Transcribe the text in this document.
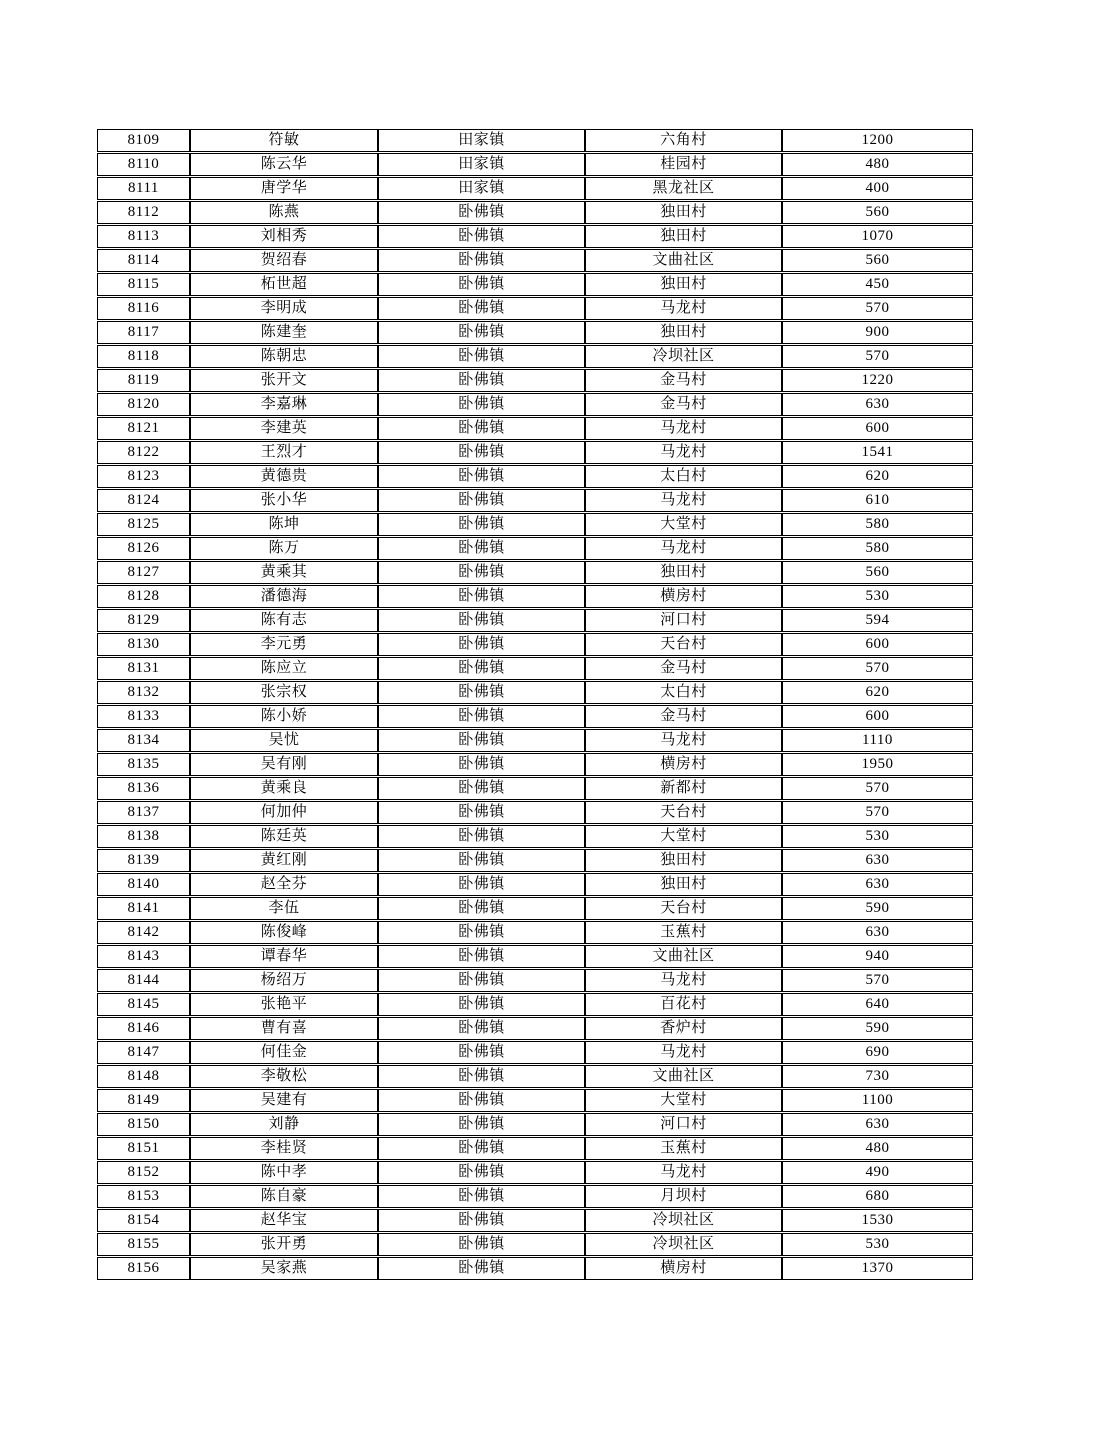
8109	符敏	田家镇	六角村	1200
8110	陈云华	田家镇	桂园村	480
8111	唐学华	田家镇	黑龙社区	400
8112	陈燕	卧佛镇	独田村	560
8113	刘相秀	卧佛镇	独田村	1070
8114	贺绍春	卧佛镇	文曲社区	560
8115	柘世超	卧佛镇	独田村	450
8116	李明成	卧佛镇	马龙村	570
8117	陈建奎	卧佛镇	独田村	900
8118	陈朝忠	卧佛镇	冷坝社区	570
8119	张开文	卧佛镇	金马村	1220
8120	李嘉琳	卧佛镇	金马村	630
8121	李建英	卧佛镇	马龙村	600
8122	王烈才	卧佛镇	马龙村	1541
8123	黄德贵	卧佛镇	太白村	620
8124	张小华	卧佛镇	马龙村	610
8125	陈坤	卧佛镇	大堂村	580
8126	陈万	卧佛镇	马龙村	580
8127	黄乘其	卧佛镇	独田村	560
8128	潘德海	卧佛镇	横房村	530
8129	陈有志	卧佛镇	河口村	594
8130	李元勇	卧佛镇	天台村	600
8131	陈应立	卧佛镇	金马村	570
8132	张宗权	卧佛镇	太白村	620
8133	陈小娇	卧佛镇	金马村	600
8134	吴忧	卧佛镇	马龙村	1110
8135	吴有刚	卧佛镇	横房村	1950
8136	黄乘良	卧佛镇	新都村	570
8137	何加仲	卧佛镇	天台村	570
8138	陈廷英	卧佛镇	大堂村	530
8139	黄红刚	卧佛镇	独田村	630
8140	赵全芬	卧佛镇	独田村	630
8141	李伍	卧佛镇	天台村	590
8142	陈俊峰	卧佛镇	玉蕉村	630
8143	谭春华	卧佛镇	文曲社区	940
8144	杨绍万	卧佛镇	马龙村	570
8145	张艳平	卧佛镇	百花村	640
8146	曹有喜	卧佛镇	香炉村	590
8147	何佳金	卧佛镇	马龙村	690
8148	李敬松	卧佛镇	文曲社区	730
8149	吴建有	卧佛镇	大堂村	1100
8150	刘静	卧佛镇	河口村	630
8151	李桂贤	卧佛镇	玉蕉村	480
8152	陈中孝	卧佛镇	马龙村	490
8153	陈自豪	卧佛镇	月坝村	680
8154	赵华宝	卧佛镇	冷坝社区	1530
8155	张开勇	卧佛镇	冷坝社区	530
8156	吴家燕	卧佛镇	横房村	1370
